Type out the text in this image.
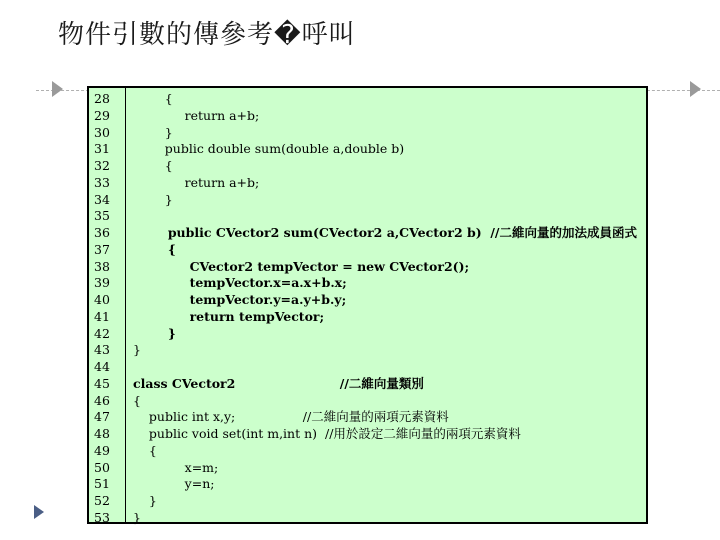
物件引數的傳參考�呼叫
28 {
29 return a+b;
30 }
31 public double sum(double a,double b)
32 {
33 return a+b;
34 }
35
36 public CVector2 sum(CVector2 a,CVector2 b)  //二維向量的加法成員函式
37 {
38 CVector2 tempVector = new CVector2();
39 tempVector.x=a.x+b.x;
40 tempVector.y=a.y+b.y;
41 return tempVector;
42 }
43 }
44
45 class CVector2                        //二維向量類別
46 {
47 public int x,y;                 //二維向量的兩項元素資料
48 public void set(int m,int n)  //用於設定二維向量的兩項元素資料
49 {
50 x=m;
51 y=n;
52 }
53 }
